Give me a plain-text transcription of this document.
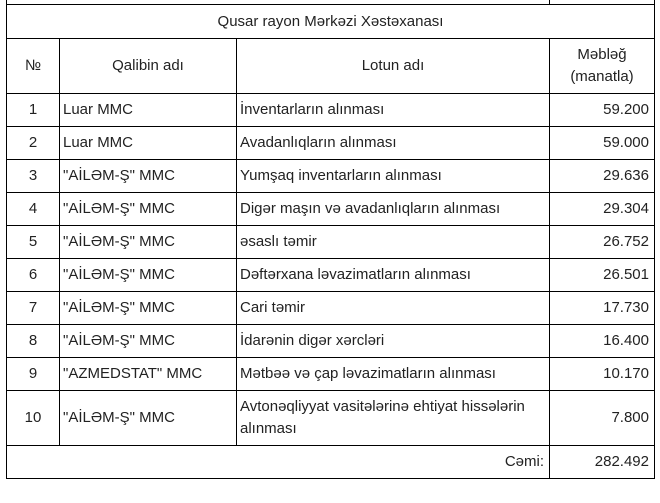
Qusar rayon Mərkəzi Xəstəxanası			
№	Qalibin adı	Lotun adı	Məbləğ (manatla)
1	Luar MMC	İnventarların alınması	59.200
2	Luar MMC	Avadanlıqların alınması	59.000
3	"AİLƏM-Ş" MMC	Yumşaq inventarların alınması	29.636
4	"AİLƏM-Ş" MMC	Digər maşın və avadanlıqların alınması	29.304
5	"AİLƏM-Ş" MMC	əsaslı təmir	26.752
6	"AİLƏM-Ş" MMC	Dəftərxana ləvazimatların alınması	26.501
7	"AİLƏM-Ş" MMC	Cari təmir	17.730
8	"AİLƏM-Ş" MMC	İdarənin digər xərcləri	16.400
9	"AZMEDSTAT" MMC	Mətbəə və çap ləvazimatların alınması	10.170
10	"AİLƏM-Ş" MMC	Avtonəqliyyat vasitələrinə ehtiyat hissələrin alınması	7.800
Cəmi:			282.492
